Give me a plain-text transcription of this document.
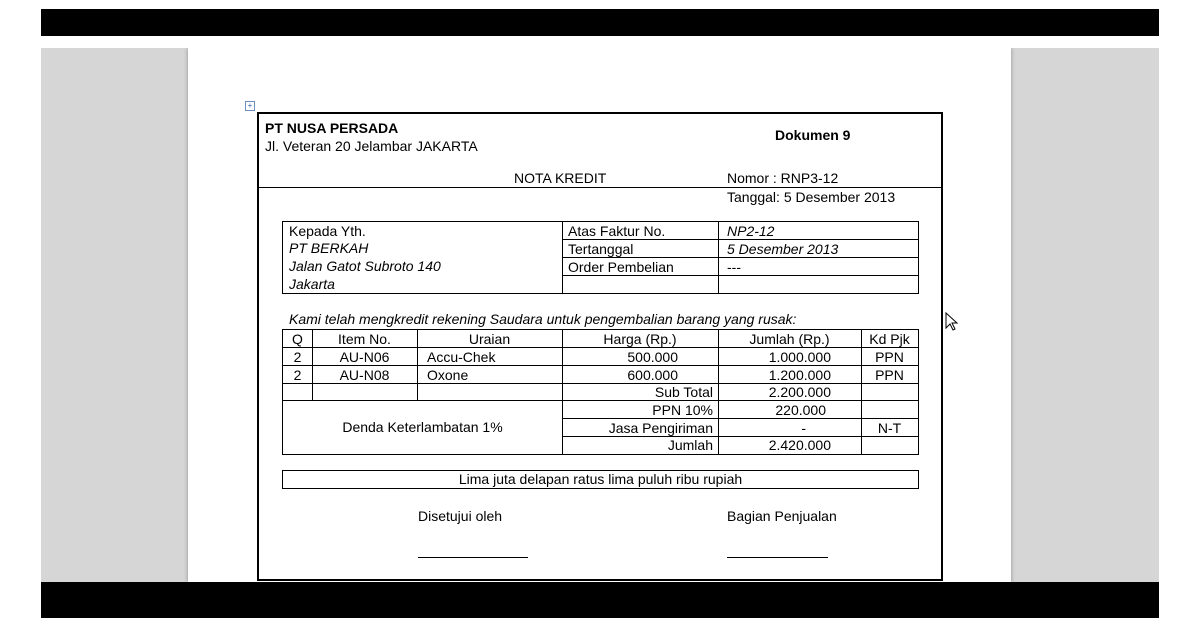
+
PT NUSA PERSADA
Jl. Veteran 20 Jelambar JAKARTA
Dokumen 9
NOTA KREDIT	Nomor : RNP3-12
Tanggal: 5 Desember 2013
Kepada Yth.
PT BERKAH
Jalan Gatot Subroto 140
Jakarta
Atas Faktur No.	NP2-12
Tertanggal	5 Desember 2013
Order Pembelian	---
Kami telah mengkredit rekening Saudara untuk pengembalian barang yang rusak:
Q	Item No.	Uraian	Harga (Rp.)	Jumlah (Rp.)	Kd Pjk
2	AU-N06	Accu-Chek	500.000	1.000.000	PPN
2	AU-N08	Oxone	600.000	1.200.000	PPN
Denda Keterlambatan 1%
Sub Total	2.200.000
PPN 10%	220.000
Jasa Pengiriman	-	N-T
Jumlah	2.420.000
Lima juta delapan ratus lima puluh ribu rupiah
Disetujui oleh	Bagian Penjualan
